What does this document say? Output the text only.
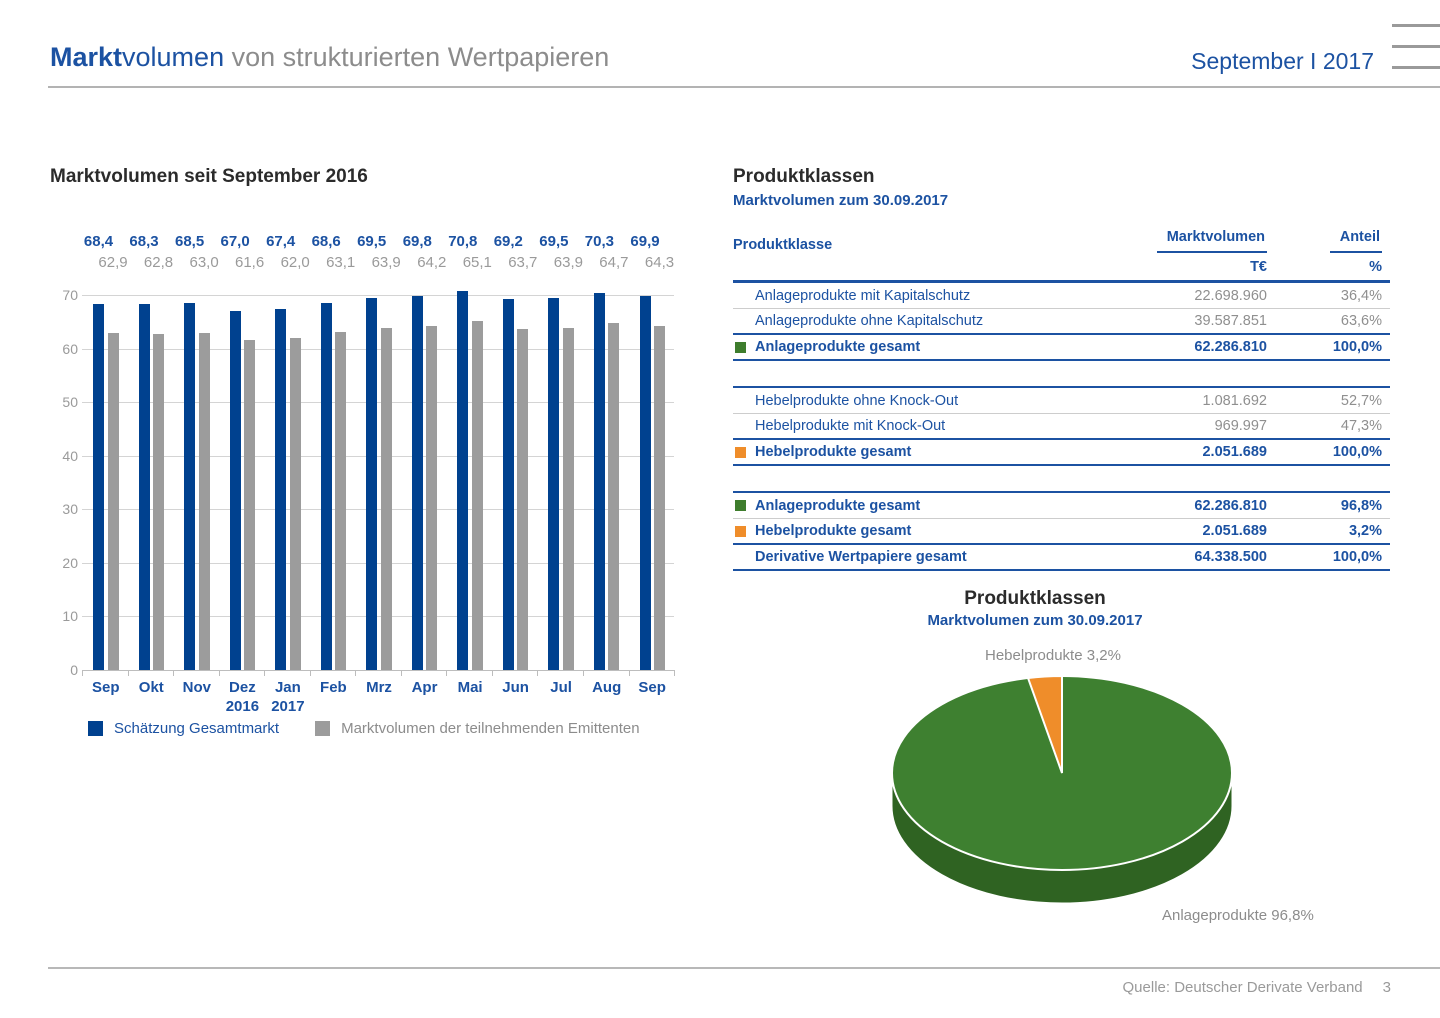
Marktvolumen von strukturierten Wertpapieren	September I 2017
Marktvolumen seit September 2016
0
10
20
30
40
50
60
70
68,4
62,9
Sep
68,3
62,8
Okt
68,5
63,0
Nov
67,0
61,6
Dez
2016
67,4
62,0
Jan
2017
68,6
63,1
Feb
69,5
63,9
Mrz
69,8
64,2
Apr
70,8
65,1
Mai
69,2
63,7
Jun
69,5
63,9
Jul
70,3
64,7
Aug
69,9
64,3
Sep
Schätzung Gesamtmarkt	Marktvolumen der teilnehmenden Emittenten
Produktklassen
Marktvolumen zum 30.09.2017
Produktklasse	Marktvolumen	Anteil
T€	%
Anlageprodukte mit Kapitalschutz	22.698.960	36,4%
Anlageprodukte ohne Kapitalschutz	39.587.851	63,6%
Anlageprodukte gesamt	62.286.810	100,0%
Hebelprodukte ohne Knock-Out	1.081.692	52,7%
Hebelprodukte mit Knock-Out	969.997	47,3%
Hebelprodukte gesamt	2.051.689	100,0%
Anlageprodukte gesamt	62.286.810	96,8%
Hebelprodukte gesamt	2.051.689	3,2%
Derivative Wertpapiere gesamt	64.338.500	100,0%
Produktklassen
Marktvolumen zum 30.09.2017
Hebelprodukte 3,2%
Anlageprodukte 96,8%
Quelle: Deutscher Derivate Verband 3
